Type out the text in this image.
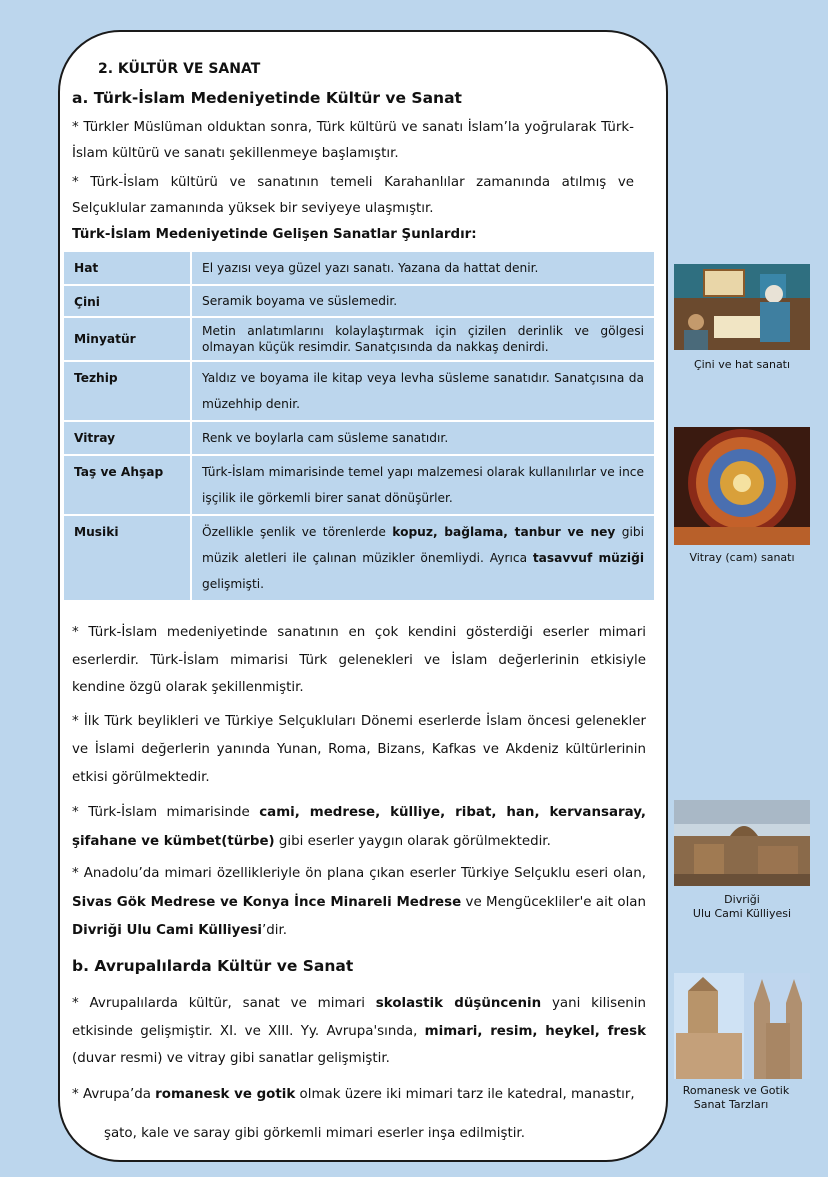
2. KÜLTÜR VE SANAT
a. Türk-İslam Medeniyetinde Kültür ve Sanat
* Türkler Müslüman olduktan sonra, Türk kültürü ve sanatı İslam’la yoğrularak Türk-İslam kültürü ve sanatı şekillenmeye başlamıştır.
* Türk-İslam kültürü ve sanatının temeli Karahanlılar zamanında atılmış ve Selçuklular zamanında yüksek bir seviyeye ulaşmıştır.
Türk-İslam Medeniyetinde Gelişen Sanatlar Şunlardır:
Hat	El yazısı veya güzel yazı sanatı. Yazana da hattat denir.
Çini	Seramik boyama ve süslemedir.
Minyatür	Metin anlatımlarını kolaylaştırmak için çizilen derinlik ve gölgesi olmayan küçük resimdir. Sanatçısında da nakkaş denirdi.
Tezhip	Yaldız ve boyama ile kitap veya levha süsleme sanatıdır. Sanatçısına da müzehhip denir.
Vitray	Renk ve boylarla cam süsleme sanatıdır.
Taş ve Ahşap	Türk-İslam mimarisinde temel yapı malzemesi olarak kullanılırlar ve ince işçilik ile görkemli birer sanat dönüşürler.
Musiki	Özellikle şenlik ve törenlerde kopuz, bağlama, tanbur ve ney gibi müzik aletleri ile çalınan müzikler önemliydi. Ayrıca tasavvuf müziği gelişmişti.
* Türk-İslam medeniyetinde sanatının en çok kendini gösterdiği eserler mimari eserlerdir. Türk-İslam mimarisi Türk gelenekleri ve İslam değerlerinin etkisiyle kendine özgü olarak şekillenmiştir.
* İlk Türk beylikleri ve Türkiye Selçukluları Dönemi eserlerde İslam öncesi gelenekler ve İslami değerlerin yanında Yunan, Roma, Bizans, Kafkas ve Akdeniz kültürlerinin etkisi görülmektedir.
* Türk-İslam mimarisinde cami, medrese, külliye, ribat, han, kervansaray, şifahane ve kümbet(türbe) gibi eserler yaygın olarak görülmektedir.
* Anadolu’da mimari özellikleriyle ön plana çıkan eserler Türkiye Selçuklu eseri olan, Sivas Gök Medrese ve Konya İnce Minareli Medrese ve Mengücekliler'e ait olan Divriği Ulu Cami Külliyesi’dir.
b. Avrupalılarda Kültür ve Sanat
* Avrupalılarda kültür, sanat ve mimari skolastik düşüncenin yani kilisenin etkisinde gelişmiştir. XI. ve XIII. Yy. Avrupa'sında, mimari, resim, heykel, fresk (duvar resmi) ve vitray gibi sanatlar gelişmiştir.
* Avrupa’da romanesk ve gotik olmak üzere iki mimari tarz ile katedral, manastır,
şato, kale ve saray gibi görkemli mimari eserler inşa edilmiştir.
Çini ve hat sanatı
Vitray (cam) sanatı
Divriği
Ulu Cami Külliyesi
Romanesk ve Gotik
Sanat Tarzları
